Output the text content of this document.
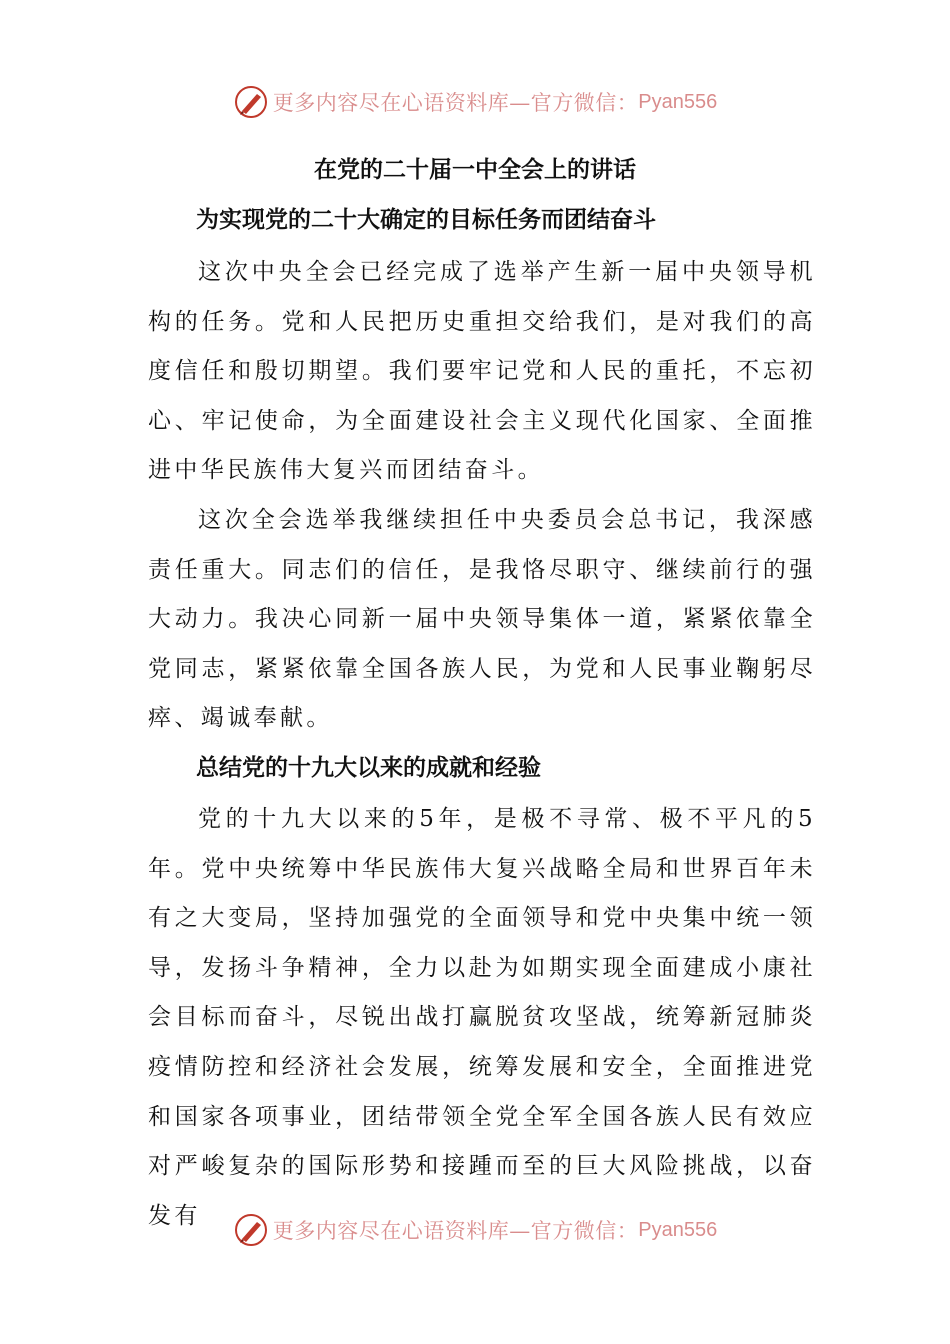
更多内容尽在心语资料库—官方微信： Pyan556
在党的二十届一中全会上的讲话
为实现党的二十大确定的目标任务而团结奋斗

这次中央全会已经完成了选举产生新一届中央领导机构的任务。党和人民把历史重担交给我们，是对我们的高度信任和殷切期望。我们要牢记党和人民的重托，不忘初心、牢记使命，为全面建设社会主义现代化国家、全面推进中华民族伟大复兴而团结奋斗。

这次全会选举我继续担任中央委员会总书记，我深感责任重大。同志们的信任，是我恪尽职守、继续前行的强大动力。我决心同新一届中央领导集体一道，紧紧依靠全党同志，紧紧依靠全国各族人民，为党和人民事业鞠躬尽瘁、竭诚奉献。

总结党的十九大以来的成就和经验

党的十九大以来的5年，是极不寻常、极不平凡的5年。党中央统筹中华民族伟大复兴战略全局和世界百年未有之大变局，坚持加强党的全面领导和党中央集中统一领导，发扬斗争精神，全力以赴为如期实现全面建成小康社会目标而奋斗，尽锐出战打赢脱贫攻坚战，统筹新冠肺炎疫情防控和经济社会发展，统筹发展和安全，全面推进党和国家各项事业，团结带领全党全军全国各族人民有效应对严峻复杂的国际形势和接踵而至的巨大风险挑战，以奋发有

更多内容尽在心语资料库—官方微信： Pyan556
